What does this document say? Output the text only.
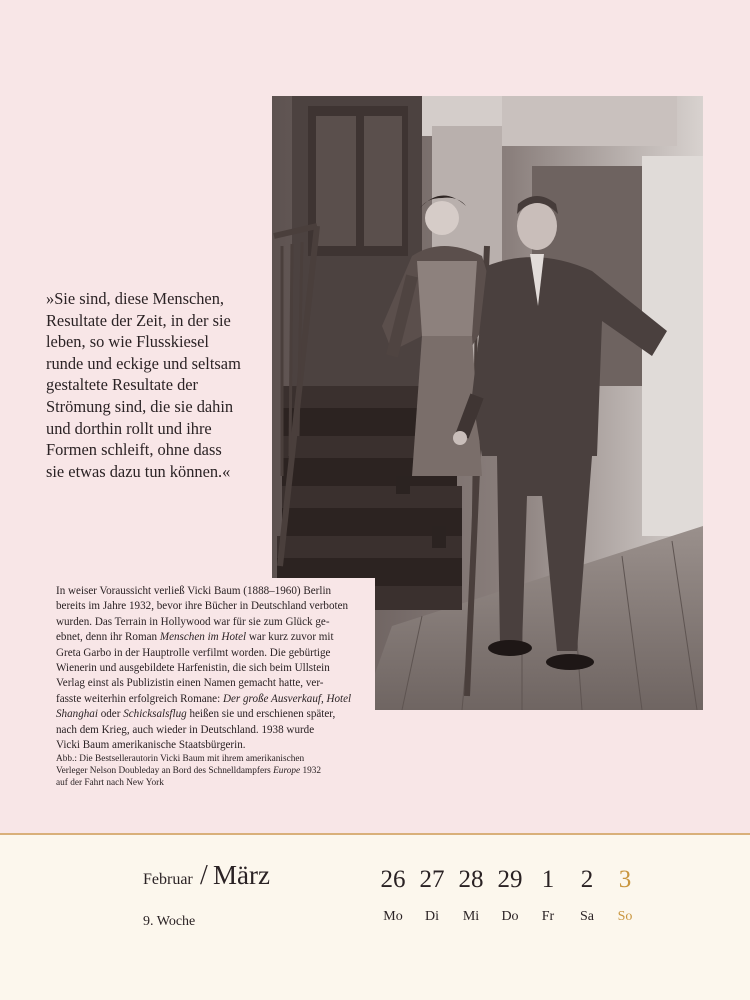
»Sie sind, diese Menschen,
Resultate der Zeit, in der sie
leben, so wie Flusskiesel
runde und eckige und seltsam
gestaltete Resultate der
Strömung sind, die sie dahin
und dorthin rollt und ihre
Formen schleift, ohne dass
sie etwas dazu tun können.«
In weiser Voraussicht verließ Vicki Baum (1888–1960) Berlin
bereits im Jahre 1932, bevor ihre Bücher in Deutschland verboten
wurden. Das Terrain in Hollywood war für sie zum Glück ge-
ebnet, denn ihr Roman Menschen im Hotel war kurz zuvor mit
Greta Garbo in der Hauptrolle verfilmt worden. Die gebürtige
Wienerin und ausgebildete Harfenistin, die sich beim Ullstein
Verlag einst als Publizistin einen Namen gemacht hatte, ver-
fasste weiterhin erfolgreich Romane: Der große Ausverkauf, Hotel
Shanghai oder Schicksalsflug heißen sie und erschienen später,
nach dem Krieg, auch wieder in Deutschland. 1938 wurde
Vicki Baum amerikanische Staatsbürgerin.
Abb.: Die Bestsellerautorin Vicki Baum mit ihrem amerikanischen
Verleger Nelson Doubleday an Bord des Schnelldampfers Europe 1932
auf der Fahrt nach New York
Februar / März
9. Woche
26
Mo
27
Di
28
Mi
29
Do
1
Fr
2
Sa
3
So
